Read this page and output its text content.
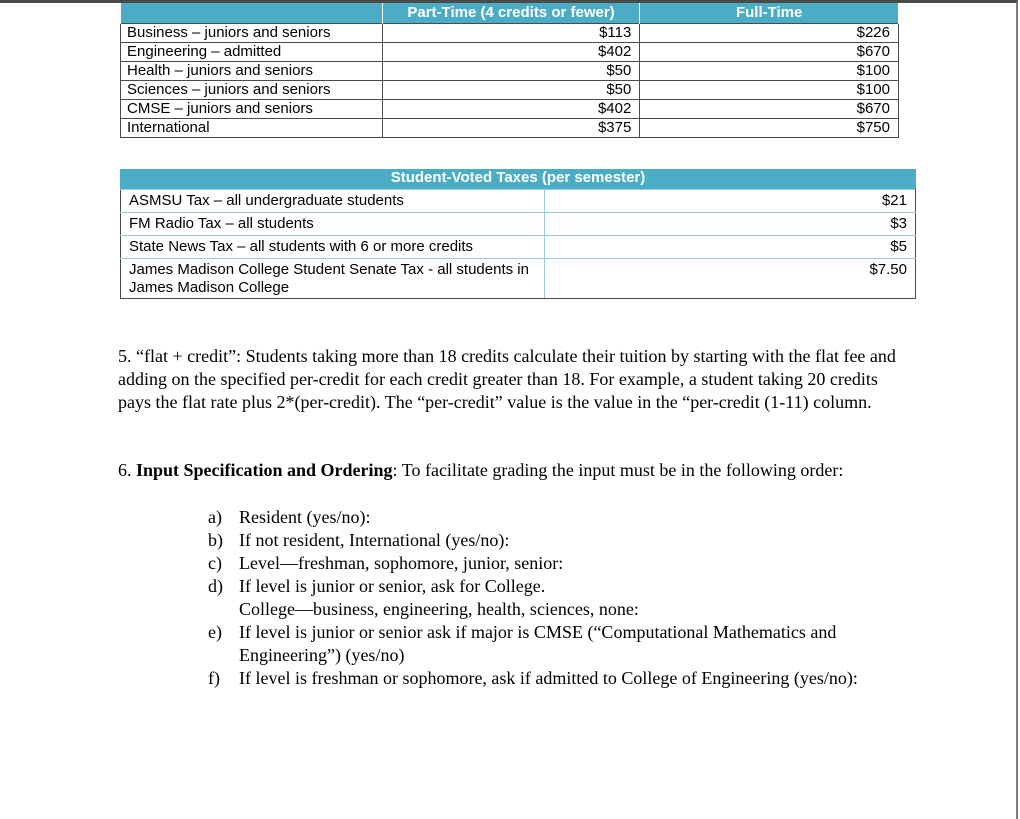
	Part-Time (4 credits or fewer)	Full-Time
Business – juniors and seniors	$113	$226
Engineering – admitted	$402	$670
Health – juniors and seniors	$50	$100
Sciences – juniors and seniors	$50	$100
CMSE – juniors and seniors	$402	$670
International	$375	$750
Student-Voted Taxes (per semester)
ASMSU Tax – all undergraduate students	$21
FM Radio Tax – all students	$3
State News Tax – all students with 6 or more credits	$5
James Madison College Student Senate Tax - all students in James Madison College	$7.50
5. “flat + credit”: Students taking more than 18 credits calculate their tuition by starting with the flat fee and adding on the specified per-credit for each credit greater than 18. For example, a student taking 20 credits pays the flat rate plus 2*(per-credit). The “per-credit” value is the value in the “per-credit (1-11) column.
6. Input Specification and Ordering: To facilitate grading the input must be in the following order:
a) Resident (yes/no):
b) If not resident, International (yes/no):
c) Level—freshman, sophomore, junior, senior:
d) If level is junior or senior, ask for College.
College—business, engineering, health, sciences, none:
e) If level is junior or senior ask if major is CMSE (“Computational Mathematics and Engineering”) (yes/no)
f) If level is freshman or sophomore, ask if admitted to College of Engineering (yes/no):
